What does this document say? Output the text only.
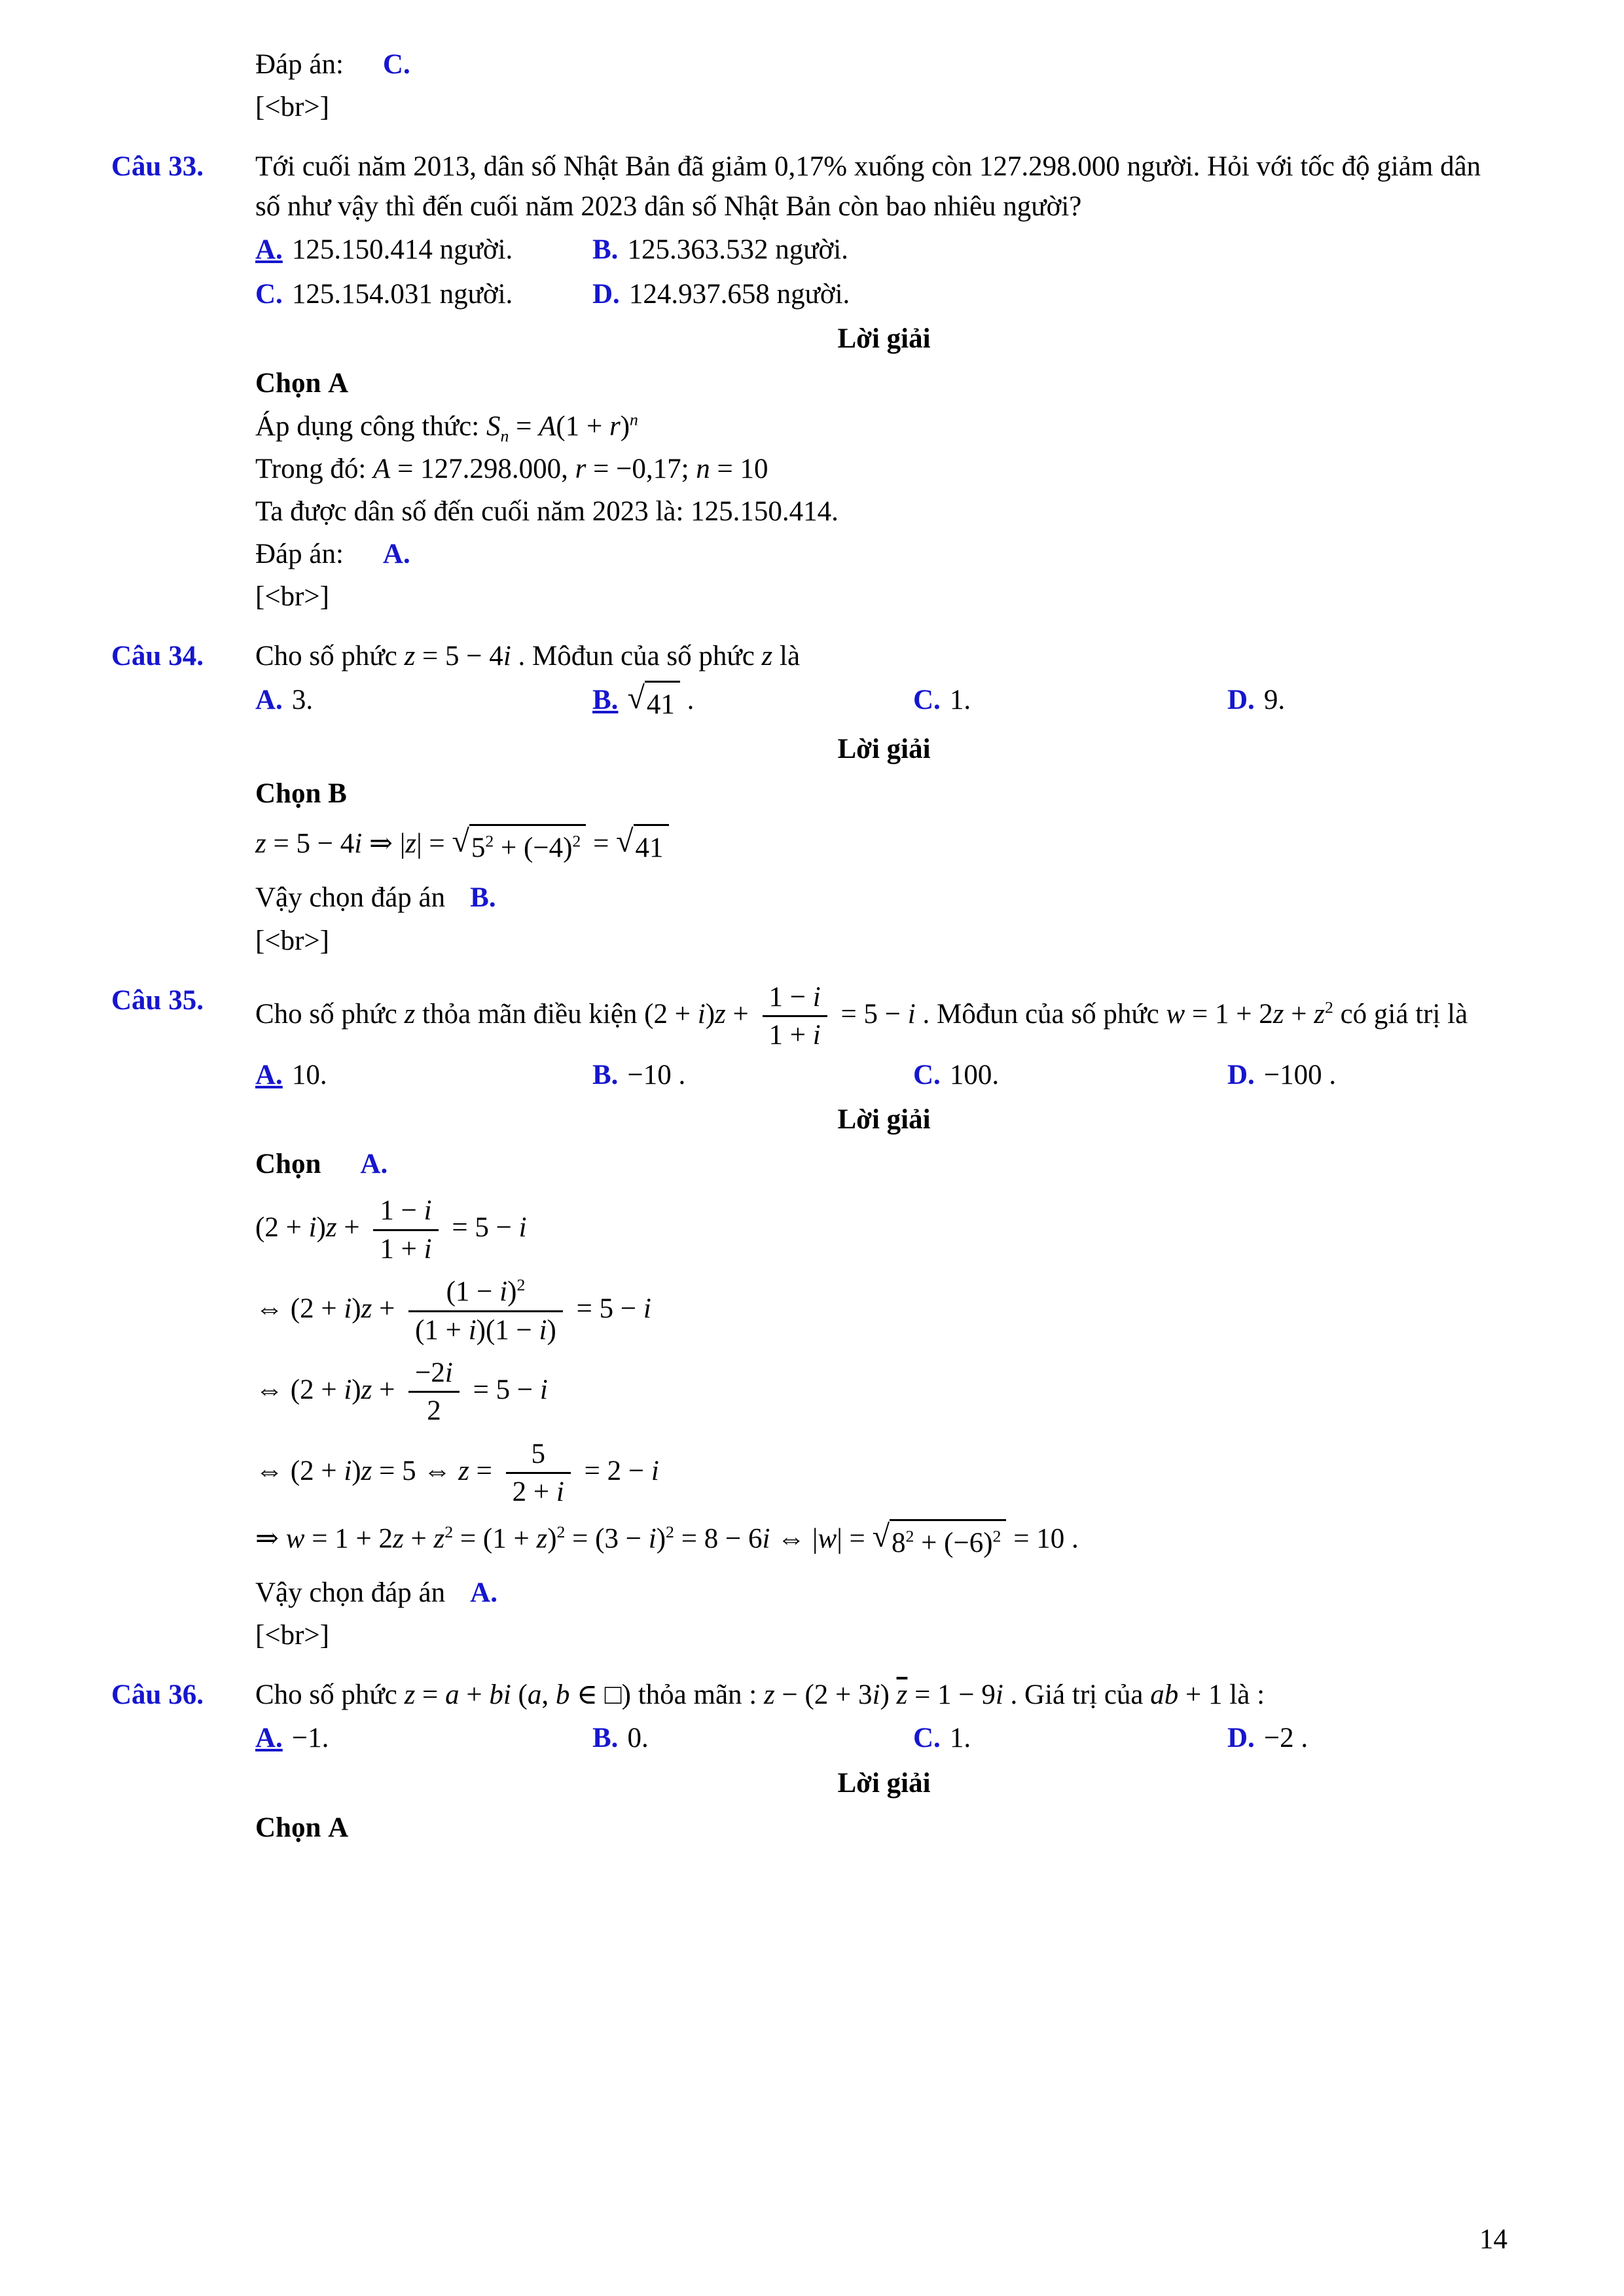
Đáp án: C.

[<br>]

Câu 33.	Tới cuối năm 2013, dân số Nhật Bản đã giảm 0,17% xuống còn 127.298.000 người. Hỏi với tốc độ giảm dân số như vậy thì đến cuối năm 2023 dân số Nhật Bản còn bao nhiêu người?

A. 125.150.414 người.	B. 125.363.532 người.
C. 125.154.031 người.	D. 124.937.658 người.
Lời giải

Chọn A

Áp dụng công thức: $S_n = A(1 + r)^n$

Trong đó: A = 127.298.000, r = −0,17; n = 10

Ta được dân số đến cuối năm 2023 là: 125.150.414.

Đáp án: A.

[<br>]

Câu 34.	Cho số phức z = 5 − 4i . Môđun của số phức z là

A. 3.	B. √ 41 .	C. 1.	D. 9.
Lời giải

Chọn B

z = 5 − 4i ⇒ |z| = √ $5^2 + (-4)^2$ = √ 41

Vậy chọn đáp án B.

[<br>]

Câu 35.	Cho số phức z thỏa mãn điều kiện $(2 + i)z + \frac{1 - i}{1 + i} = 5 - i$ . Môđun của số phức $w = 1 + 2z + z^2$ có giá trị là

A. 10.	B. −10 .	C. 100.	D. −100 .
Lời giải

Chọn A.

$(2 + i)z + \frac{1 - i}{1 + i} = 5 - i$

⇔ $(2 + i)z + \frac{(1 - i)^2}{(1 + i)(1 - i)} = 5 - i$

⇔ $(2 + i)z + \frac{-2i}{2} = 5 - i$

⇔ (2 + i)z = 5 ⇔ $z = \frac{5}{2 + i} = 2 - i$

⇒ $w = 1 + 2z + z^2 = (1 + z)^2 = (3 - i)^2 = 8 - 6i$ ⇔ |w| = √ $8^2 + (-6)^2 = 10$ .

Vậy chọn đáp án A.

[<br>]

Câu 36.	Cho số phức z = a + bi (a, b ∈ □) thỏa mãn : z − (2 + 3i) $\overline{z} = 1 - 9i$ . Giá trị của ab + 1 là :

A. −1.	B. 0.	C. 1.	D. −2 .
Lời giải

Chọn A

14
